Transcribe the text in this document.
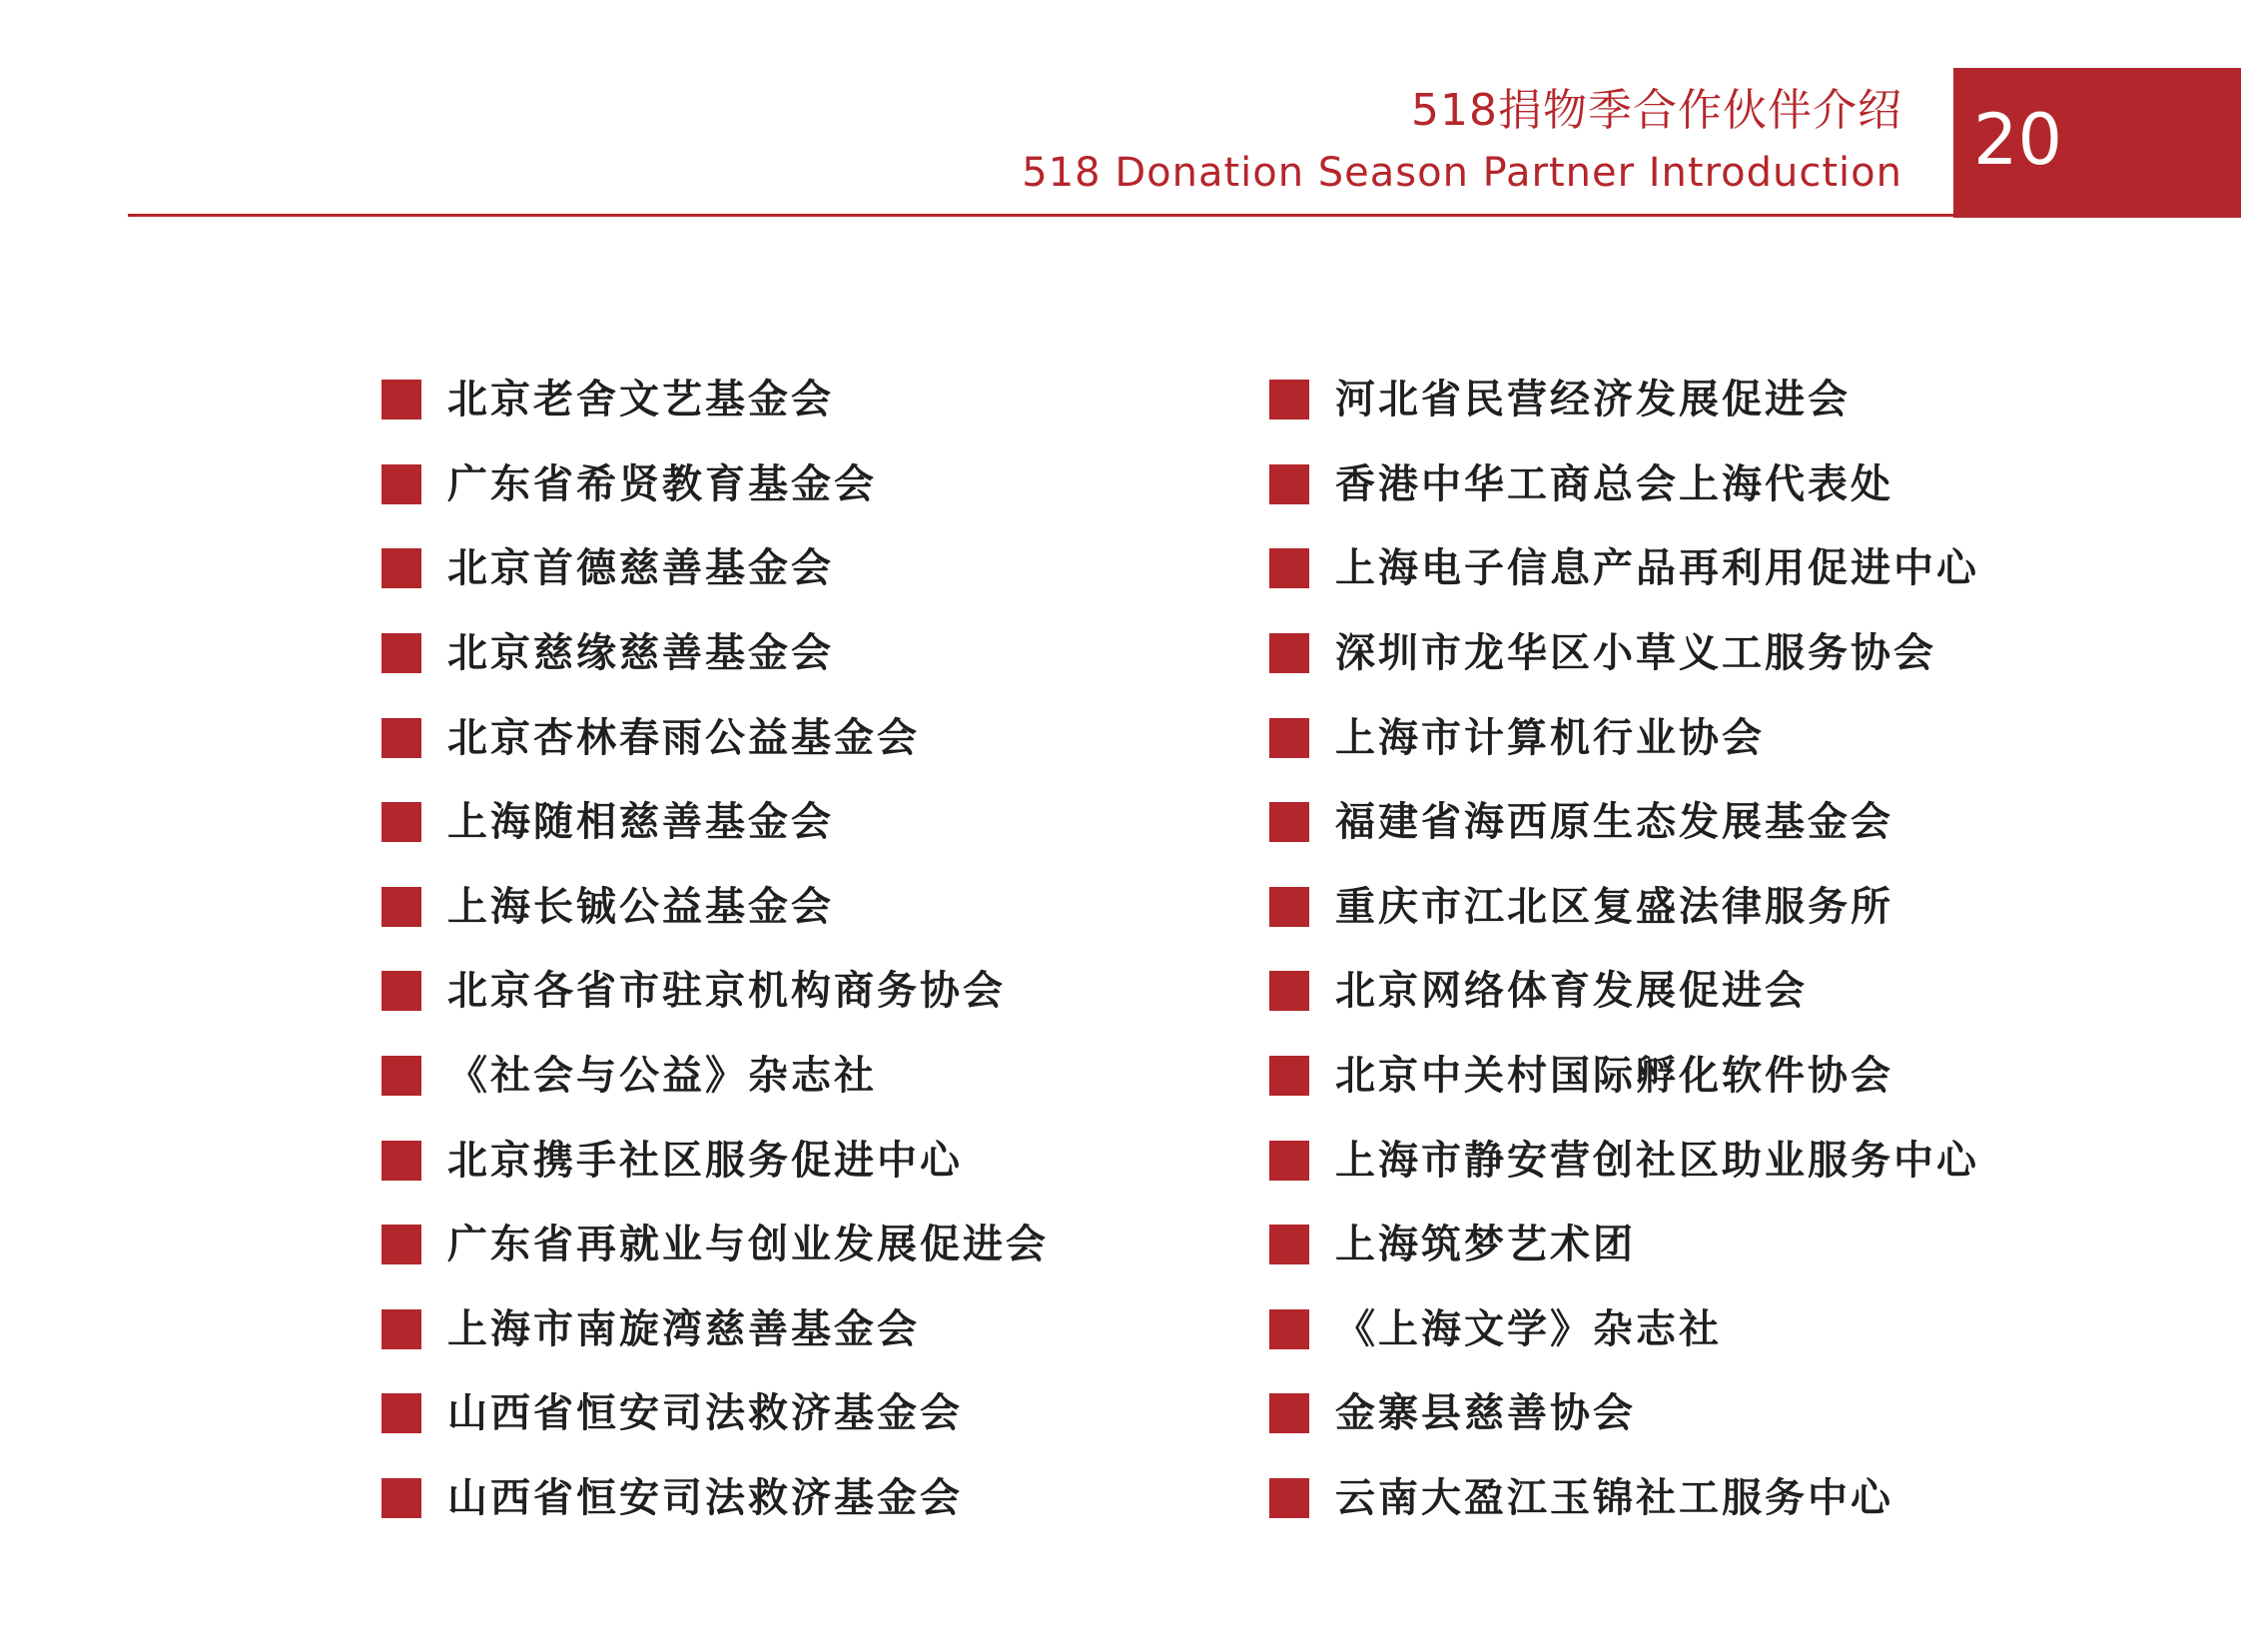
518捐物季合作伙伴介绍
518 Donation Season Partner Introduction 20
北京老舍文艺基金会
广东省希贤教育基金会
北京首德慈善基金会
北京慈缘慈善基金会
北京杏林春雨公益基金会
上海随相慈善基金会
上海长铖公益基金会
北京各省市驻京机构商务协会
《社会与公益》杂志社
北京携手社区服务促进中心
广东省再就业与创业发展促进会
上海市南旋湾慈善基金会
山西省恒安司法救济基金会
山西省恒安司法救济基金会
河北省民营经济发展促进会
香港中华工商总会上海代表处
上海电子信息产品再利用促进中心
深圳市龙华区小草义工服务协会
上海市计算机行业协会
福建省海西原生态发展基金会
重庆市江北区复盛法律服务所
北京网络体育发展促进会
北京中关村国际孵化软件协会
上海市静安营创社区助业服务中心
上海筑梦艺术团
《上海文学》杂志社
金寨县慈善协会
云南大盈江玉锦社工服务中心
